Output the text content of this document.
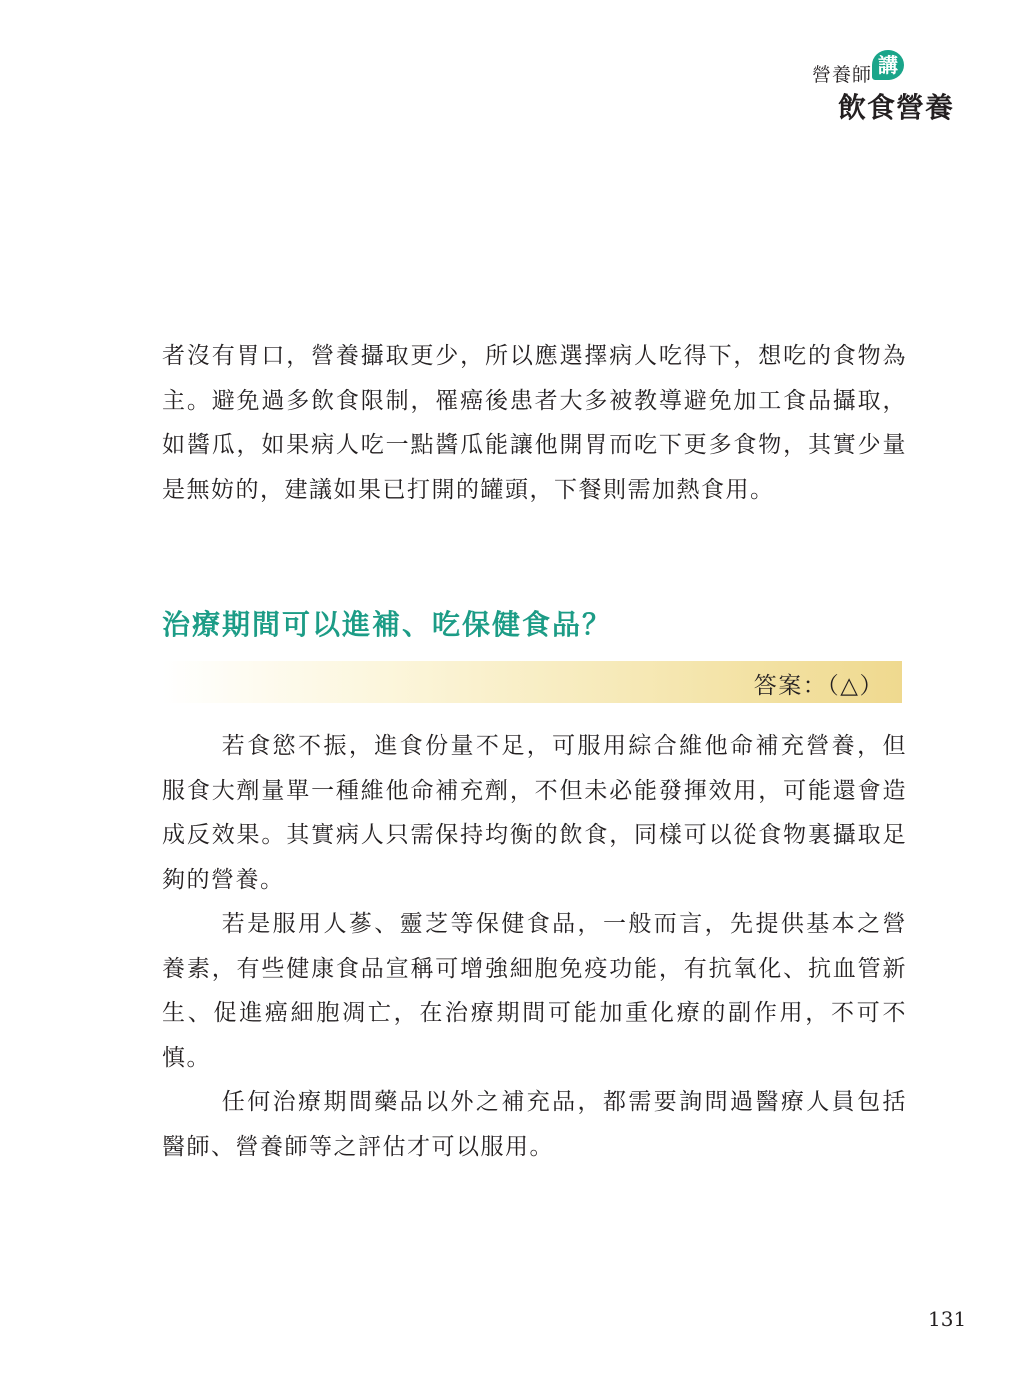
營養師 講
飲食營養
者沒有胃口，營養攝取更少，所以應選擇病人吃得下，想吃的食物為主。避免過多飲食限制，罹癌後患者大多被教導避免加工食品攝取，如醬瓜，如果病人吃一點醬瓜能讓他開胃而吃下更多食物，其實少量是無妨的，建議如果已打開的罐頭，下餐則需加熱食用。
治療期間可以進補、吃保健食品？
答案：（△）

若食慾不振，進食份量不足，可服用綜合維他命補充營養，但服食大劑量單一種維他命補充劑，不但未必能發揮效用，可能還會造成反效果。其實病人只需保持均衡的飲食，同樣可以從食物裏攝取足夠的營養。

若是服用人蔘、靈芝等保健食品，一般而言，先提供基本之營養素，有些健康食品宣稱可增強細胞免疫功能，有抗氧化、抗血管新生、促進癌細胞凋亡，在治療期間可能加重化療的副作用，不可不慎。

任何治療期間藥品以外之補充品，都需要詢問過醫療人員包括醫師、營養師等之評估才可以服用。

131
